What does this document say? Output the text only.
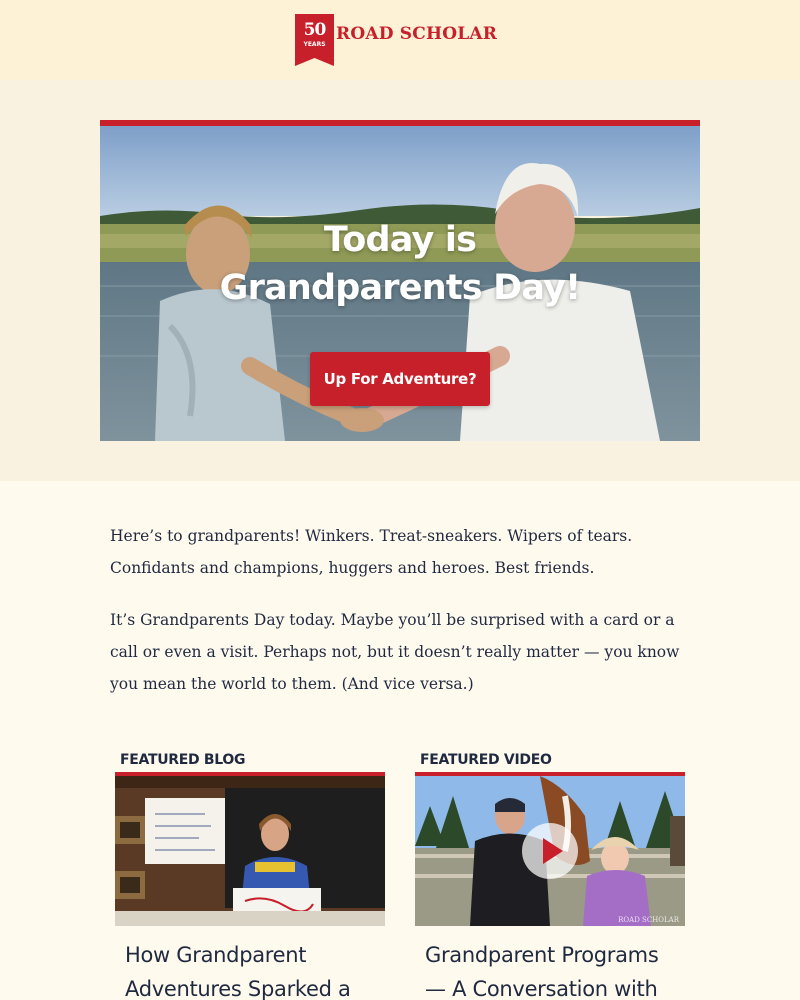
50
YEARS
ROAD SCHOLAR
Today is
Grandparents Day!
Up For Adventure?

Here’s to grandparents! Winkers. Treat-sneakers. Wipers of tears. Confidants and champions, huggers and heroes. Best friends.

It’s Grandparents Day today. Maybe you’ll be surprised with a card or a call or even a visit. Perhaps not, but it doesn’t really matter — you know you mean the world to them. (And vice versa.)

FEATURED BLOG
How Grandparent Adventures Sparked a
FEATURED VIDEO
ROAD SCHOLAR
Grandparent Programs — A Conversation with
